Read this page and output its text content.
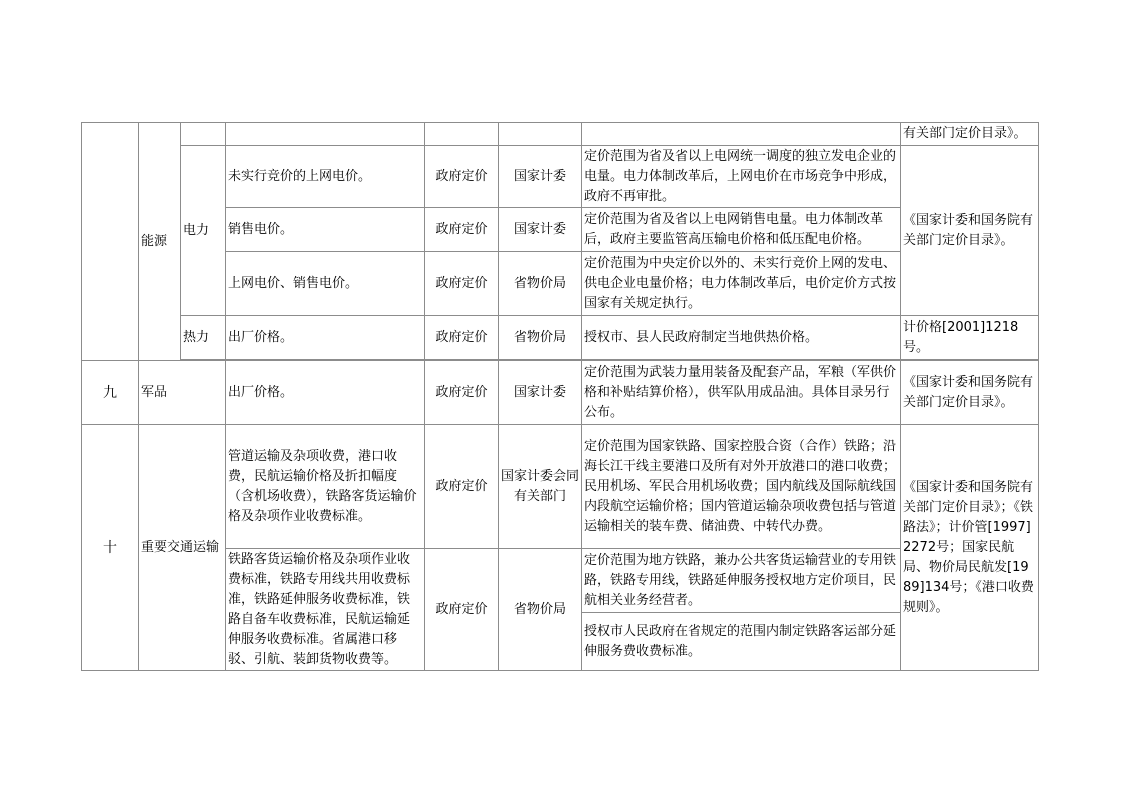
	能源						有关部门定价目录》。
		电力	未实行竞价的上网电价。	政府定价	国家计委	定价范围为省及省以上电网统一调度的独立发电企业的电量。电力体制改革后，上网电价在市场竞争中形成，政府不再审批。	《国家计委和国务院有关部门定价目录》。
			销售电价。	政府定价	国家计委	定价范围为省及省以上电网销售电量。电力体制改革后，政府主要监管高压输电价格和低压配电价格。	
			上网电价、销售电价。	政府定价	省物价局	定价范围为中央定价以外的、未实行竞价上网的发电、供电企业电量价格；电力体制改革后，电价定价方式按国家有关规定执行。	
		热力	出厂价格。	政府定价	省物价局	授权市、县人民政府制定当地供热价格。	计价格[2001]1218号。

九	军品		出厂价格。	政府定价	国家计委	定价范围为武装力量用装备及配套产品，军粮（军供价格和补贴结算价格），供军队用成品油。具体目录另行公布。	《国家计委和国务院有关部门定价目录》。
十	重要交通运输		管道运输及杂项收费，港口收费，民航运输价格及折扣幅度（含机场收费），铁路客货运输价格及杂项作业收费标准。	政府定价	国家计委会同有关部门	定价范围为国家铁路、国家控股合资（合作）铁路；沿海长江干线主要港口及所有对外开放港口的港口收费；民用机场、军民合用机场收费；国内航线及国际航线国内段航空运输价格；国内管道运输杂项收费包括与管道运输相关的装车费、储油费、中转代办费。	《国家计委和国务院有关部门定价目录》；《铁路法》；计价管[1997]2272号；国家民航局、物价局民航发[1989]134号；《港口收费规则》。
			铁路客货运输价格及杂项作业收费标准，铁路专用线共用收费标准，铁路延伸服务收费标准，铁路自备车收费标准，民航运输延伸服务收费标准。省属港口移驳、引航、装卸货物收费等。	政府定价	省物价局	定价范围为地方铁路，兼办公共客货运输营业的专用铁路，铁路专用线，铁路延伸服务授权地方定价项目，民航相关业务经营者。	
						授权市人民政府在省规定的范围内制定铁路客运部分延伸服务费收费标准。	
